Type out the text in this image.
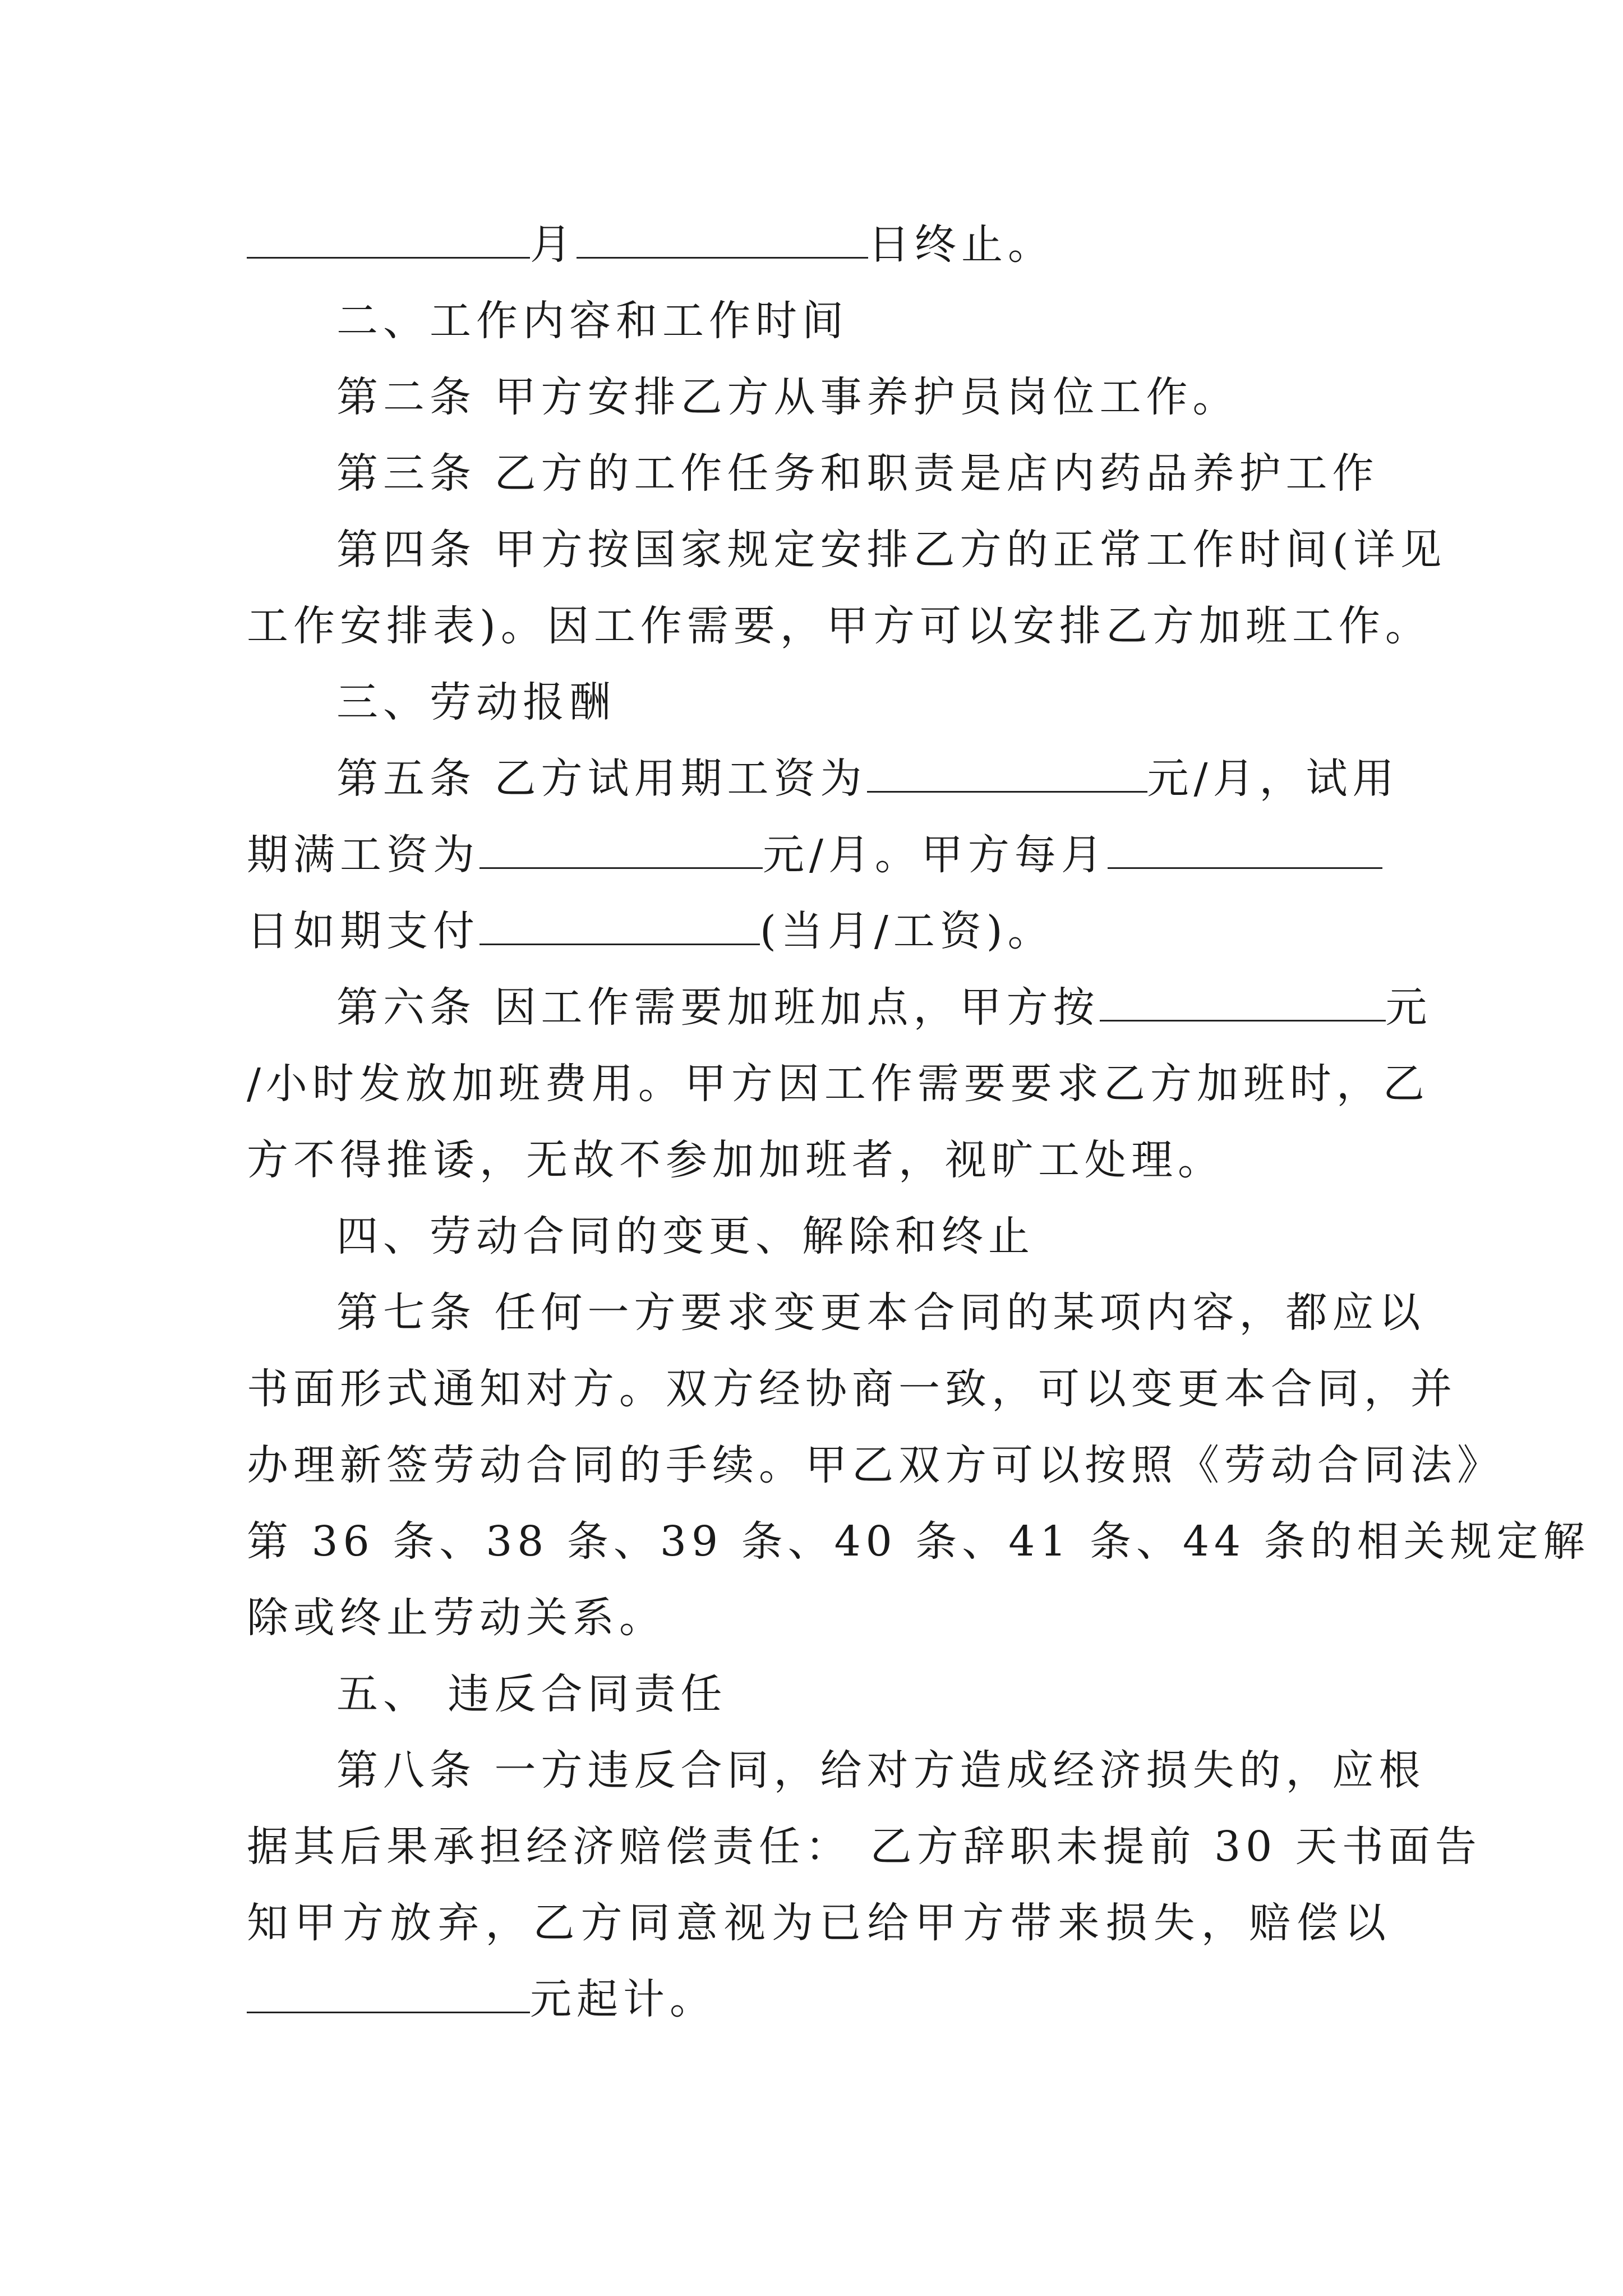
月	日终止。
二、工作内容和工作时间
第二条 甲方安排乙方从事养护员岗位工作。
第三条 乙方的工作任务和职责是店内药品养护工作
第四条 甲方按国家规定安排乙方的正常工作时间(详见
工作安排表)。因工作需要，甲方可以安排乙方加班工作。
三、劳动报酬
第五条 乙方试用期工资为	元/月，试用
期满工资为	元/月。甲方每月
日如期支付	(当月/工资)。
第六条 因工作需要加班加点，甲方按	元
/小时发放加班费用。甲方因工作需要要求乙方加班时，乙
方不得推诿，无故不参加加班者，视旷工处理。
四、劳动合同的变更、解除和终止
第七条 任何一方要求变更本合同的某项内容，都应以
书面形式通知对方。双方经协商一致，可以变更本合同，并
办理新签劳动合同的手续。甲乙双方可以按照《劳动合同法》
第 36 条、38 条、39 条、40 条、41 条、44 条的相关规定解
除或终止劳动关系。
五、 违反合同责任
第八条 一方违反合同，给对方造成经济损失的，应根
据其后果承担经济赔偿责任： 乙方辞职未提前 30 天书面告
知甲方放弃，乙方同意视为已给甲方带来损失，赔偿以
元起计。
